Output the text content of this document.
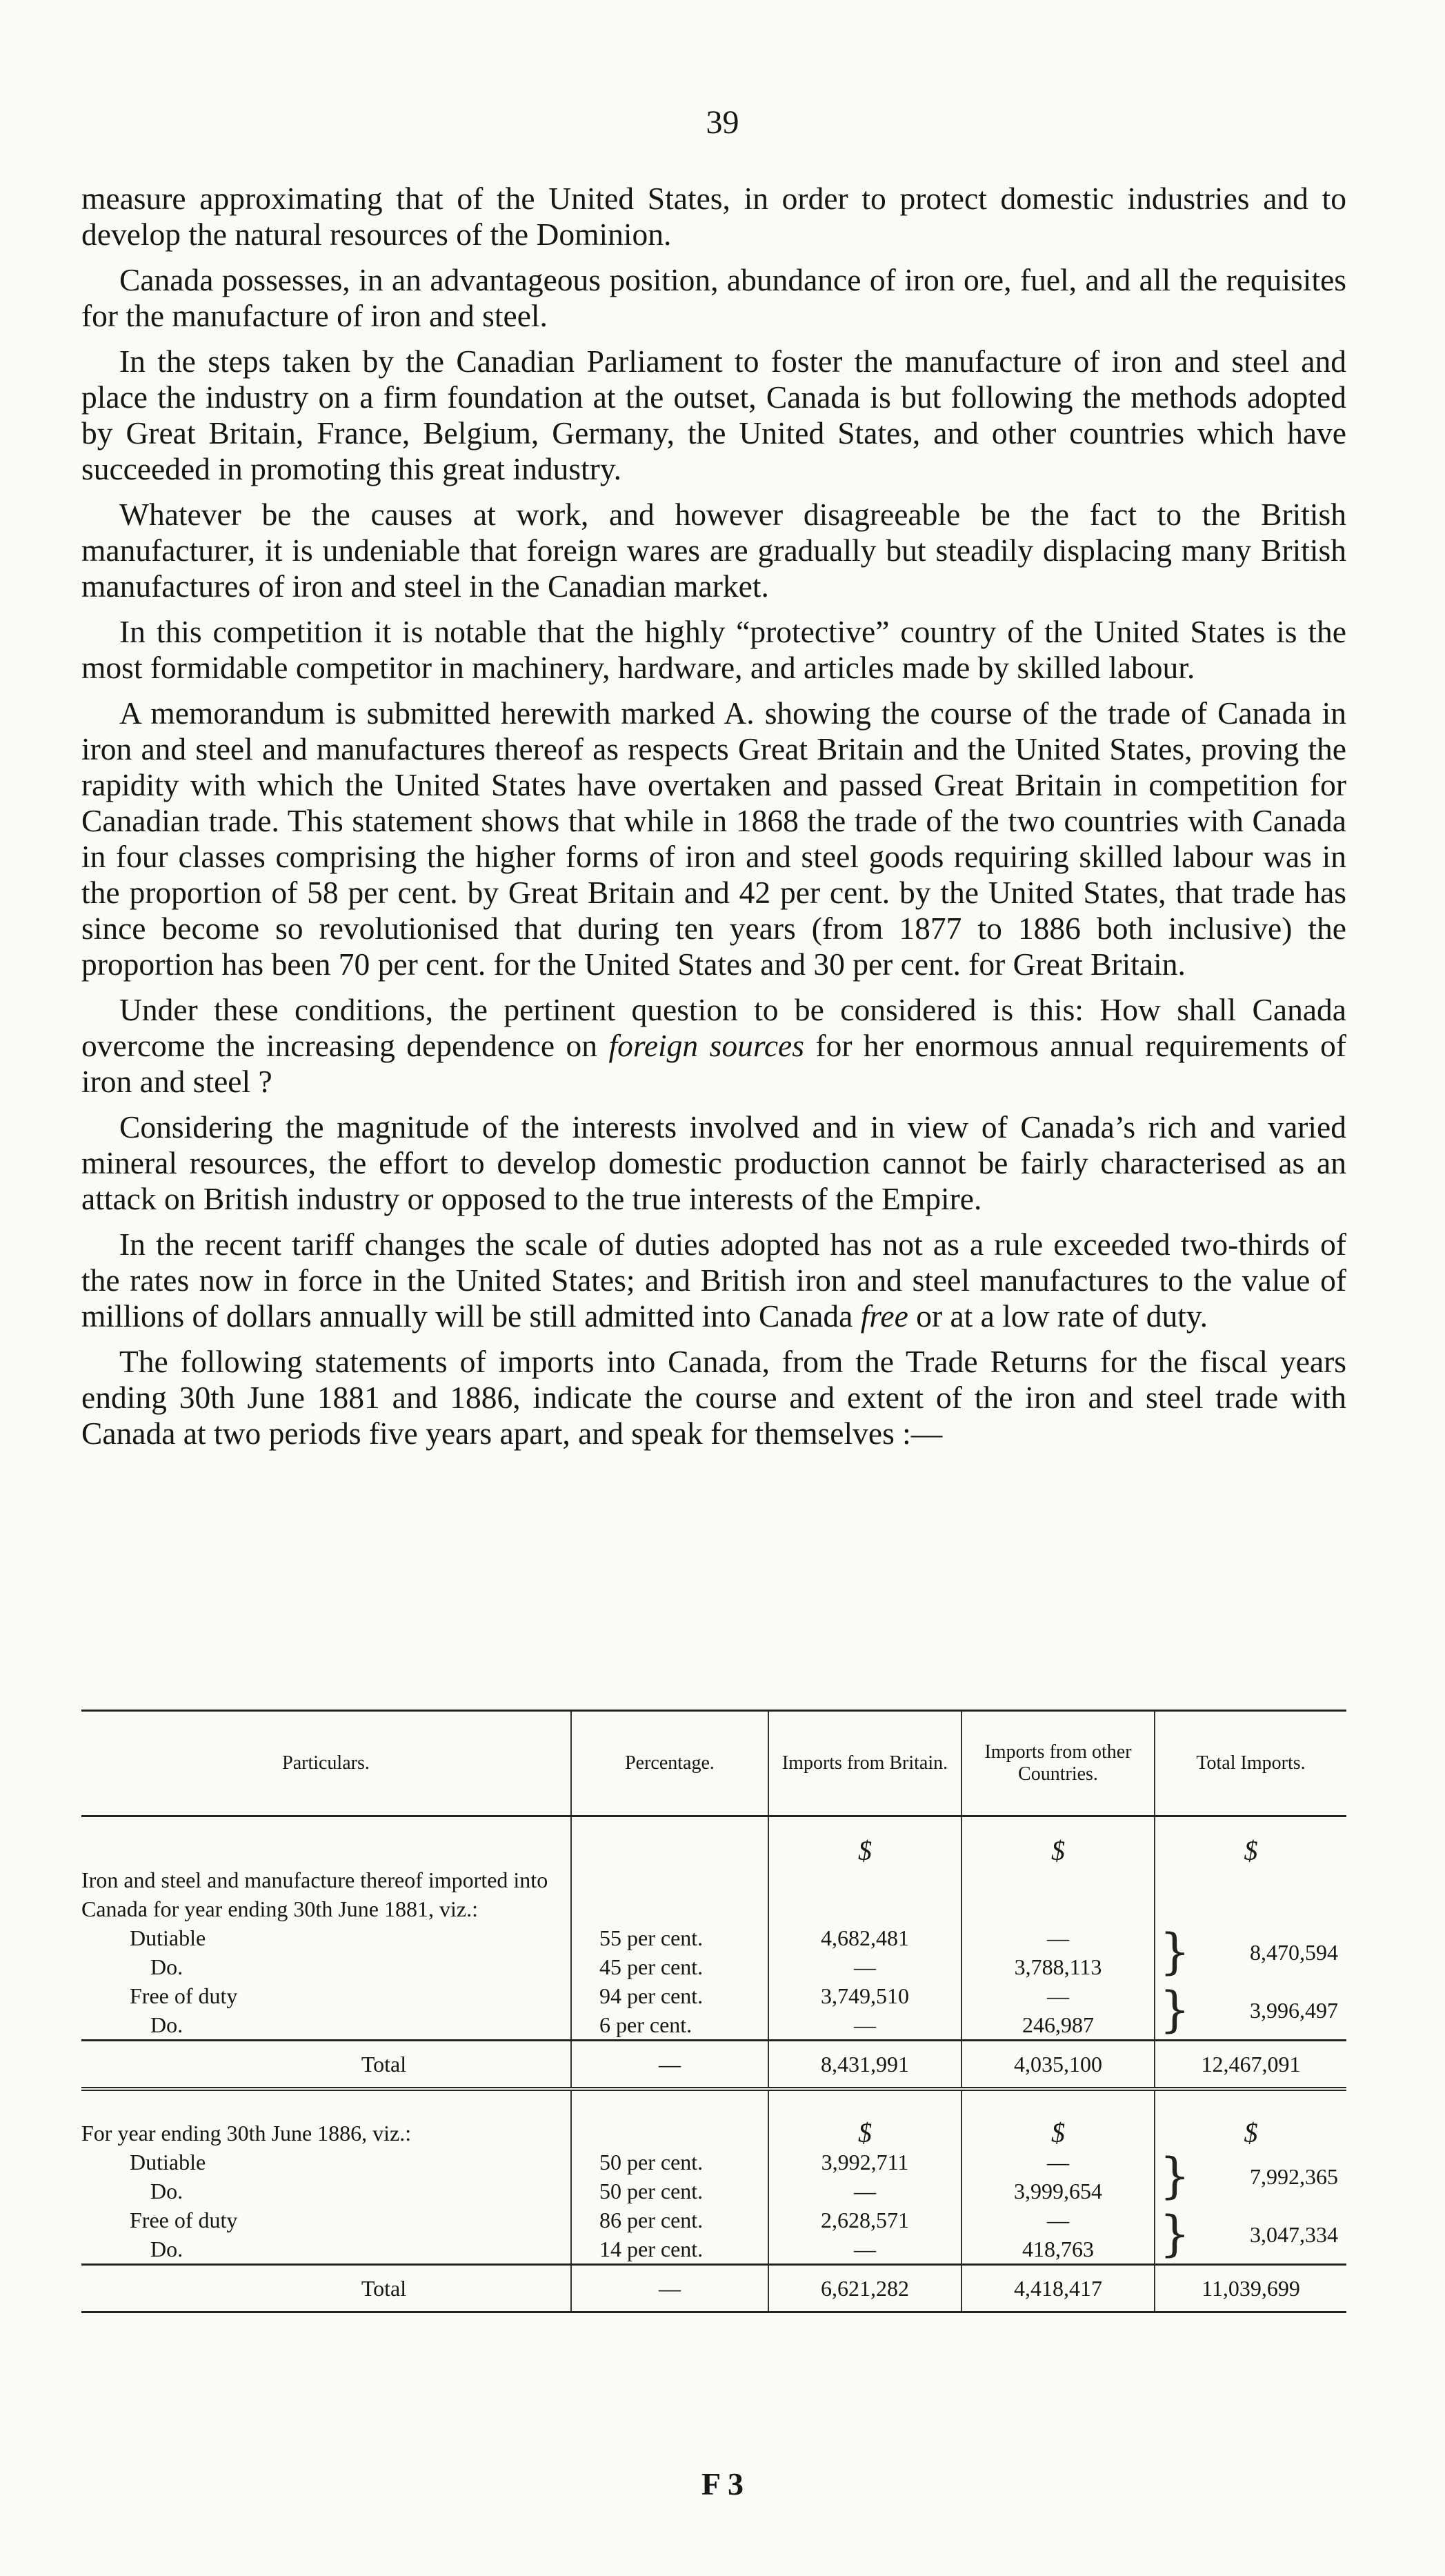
39

measure approximating that of the United States, in order to protect domestic industries and to develop the natural resources of the Dominion.

Canada possesses, in an advantageous position, abundance of iron ore, fuel, and all the requisites for the manufacture of iron and steel.

In the steps taken by the Canadian Parliament to foster the manufacture of iron and steel and place the industry on a firm foundation at the outset, Canada is but following the methods adopted by Great Britain, France, Belgium, Germany, the United States, and other countries which have succeeded in promoting this great industry.

Whatever be the causes at work, and however disagreeable be the fact to the British manufacturer, it is undeniable that foreign wares are gradually but steadily displacing many British manufactures of iron and steel in the Canadian market.

In this competition it is notable that the highly “protective” country of the United States is the most formidable competitor in machinery, hardware, and articles made by skilled labour.

A memorandum is submitted herewith marked A. showing the course of the trade of Canada in iron and steel and manufactures thereof as respects Great Britain and the United States, proving the rapidity with which the United States have overtaken and passed Great Britain in competition for Canadian trade. This statement shows that while in 1868 the trade of the two countries with Canada in four classes comprising the higher forms of iron and steel goods requiring skilled labour was in the proportion of 58 per cent. by Great Britain and 42 per cent. by the United States, that trade has since become so revolutionised that during ten years (from 1877 to 1886 both inclusive) the proportion has been 70 per cent. for the United States and 30 per cent. for Great Britain.

Under these conditions, the pertinent question to be considered is this: How shall Canada overcome the increasing dependence on foreign sources for her enormous annual requirements of iron and steel ?

Considering the magnitude of the interests involved and in view of Canada’s rich and varied mineral resources, the effort to develop domestic production cannot be fairly characterised as an attack on British industry or opposed to the true interests of the Empire.

In the recent tariff changes the scale of duties adopted has not as a rule exceeded two-thirds of the rates now in force in the United States; and British iron and steel manufactures to the value of millions of dollars annually will be still admitted into Canada free or at a low rate of duty.

The following statements of imports into Canada, from the Trade Returns for the fiscal years ending 30th June 1881 and 1886, indicate the course and extent of the iron and steel trade with Canada at two periods five years apart, and speak for themselves :—

Particulars.	Percentage.	Imports from Britain.	Imports from other Countries.	Total Imports.
		$	$	$
Iron and steel and manufacture thereof imported into Canada for year ending 30th June 1881, viz.:				
Dutiable	55 per cent.	4,682,481	—	} 8,470,594

Do.	45 per cent.	—	3,788,113	
Free of duty	94 per cent.	3,749,510	—	} 3,996,497

Do.	6 per cent.	—	246,987	
Total	—	8,431,991	4,035,100	12,467,091

For year ending 30th June 1886, viz.:		$	$	$
Dutiable	50 per cent.	3,992,711	—	} 7,992,365

Do.	50 per cent.	—	3,999,654	
Free of duty	86 per cent.	2,628,571	—	} 3,047,334

Do.	14 per cent.	—	418,763	
Total	—	6,621,282	4,418,417	11,039,699
F 3
